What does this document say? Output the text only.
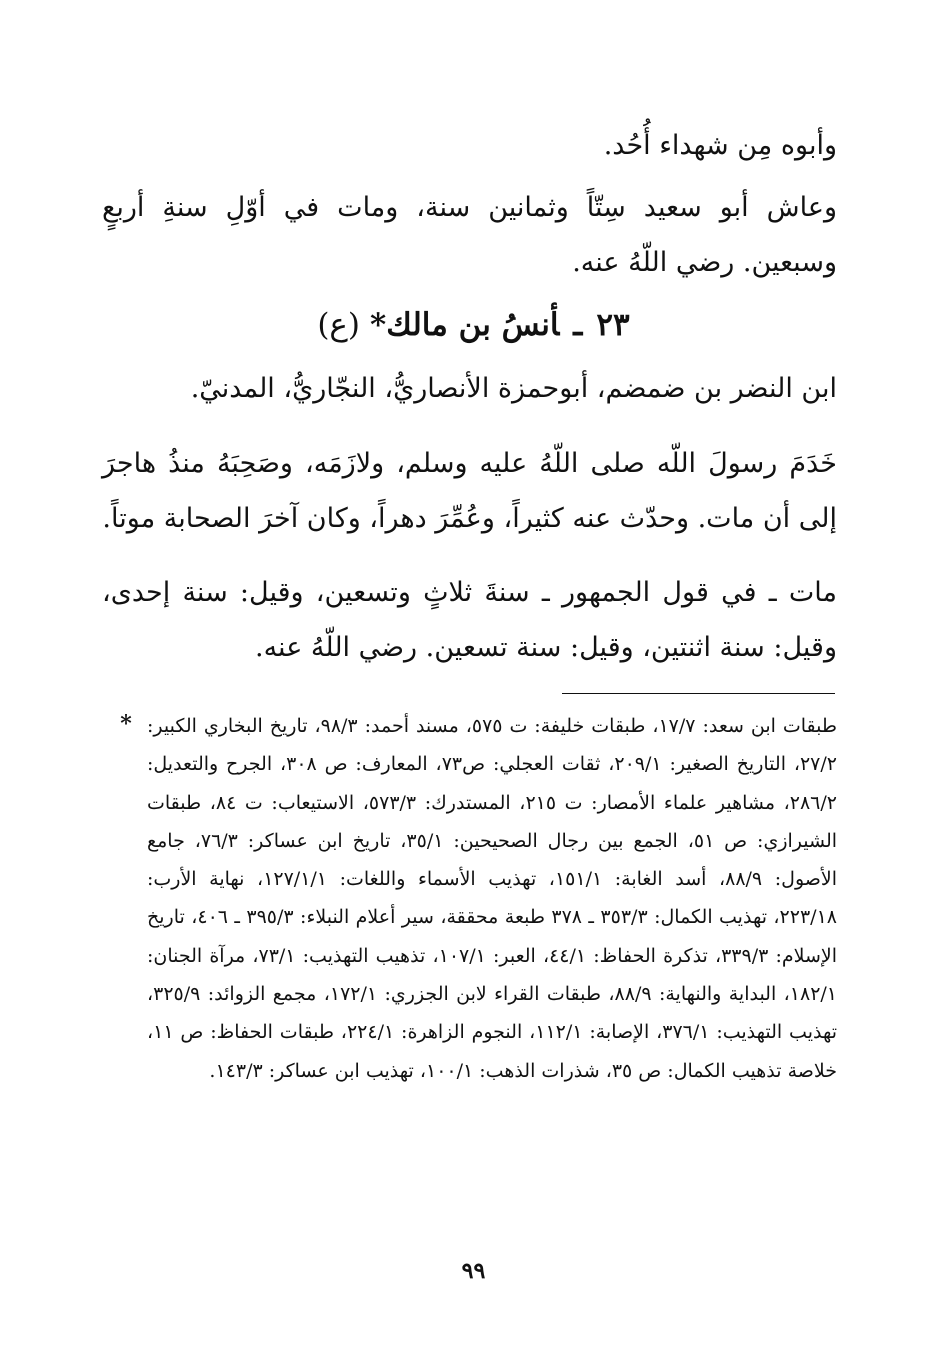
وأبوه مِن شهداء أُحُد.

وعاش أبو سعيد سِتّاً وثمانين سنة، ومات في أوّلِ سنةِ أربعٍ وسبعين. رضي اللّهُ عنه.

٢٣ـأنسُ بن مالك*(ع)

ابن النضر بن ضمضم، أبوحمزة الأنصاريُّ، النجّاريُّ، المدنيّ.

خَدَمَ رسولَ اللّه صلى اللّهُ عليه وسلم، ولازَمَه، وصَحِبَهُ منذُ هاجرَ إلى أن مات. وحدّث عنه كثيراً، وعُمِّرَ دهراً، وكان آخرَ الصحابة موتاً.

مات ـ في قول الجمهور ـ سنةَ ثلاثٍ وتسعين، وقيل: سنة إحدى، وقيل: سنة اثنتين، وقيل: سنة تسعين. رضي اللّهُ عنه.

* طبقات ابن سعد: ١٧/٧، طبقات خليفة: ت ٥٧٥، مسند أحمد: ٩٨/٣، تاريخ البخاري الكبير: ٢٧/٢، التاريخ الصغير: ٢٠٩/١، ثقات العجلي: ص٧٣، المعارف: ص ٣٠٨، الجرح والتعديل: ٢٨٦/٢، مشاهير علماء الأمصار: ت ٢١٥، المستدرك: ٥٧٣/٣، الاستيعاب: ت ٨٤، طبقات الشيرازي: ص ٥١، الجمع بين رجال الصحيحين: ٣٥/١، تاريخ ابن عساكر: ٧٦/٣، جامع الأصول: ٨٨/٩، أسد الغابة: ١٥١/١، تهذيب الأسماء واللغات: ١٢٧/١/١، نهاية الأرب: ٢٢٣/١٨، تهذيب الكمال: ٣٥٣/٣ ـ ٣٧٨ طبعة محققة، سير أعلام النبلاء: ٣٩٥/٣ ـ ٤٠٦، تاريخ الإسلام: ٣٣٩/٣، تذكرة الحفاظ: ٤٤/١، العبر: ١٠٧/١، تذهيب التهذيب: ٧٣/١، مرآة الجنان: ١٨٢/١، البداية والنهاية: ٨٨/٩، طبقات القراء لابن الجزري: ١٧٢/١، مجمع الزوائد: ٣٢٥/٩، تهذيب التهذيب: ٣٧٦/١، الإصابة: ١١٢/١، النجوم الزاهرة: ٢٢٤/١، طبقات الحفاظ: ص ١١، خلاصة تذهيب الكمال: ص ٣٥، شذرات الذهب: ١٠٠/١، تهذيب ابن عساكر: ١٤٣/٣.

٩٩
